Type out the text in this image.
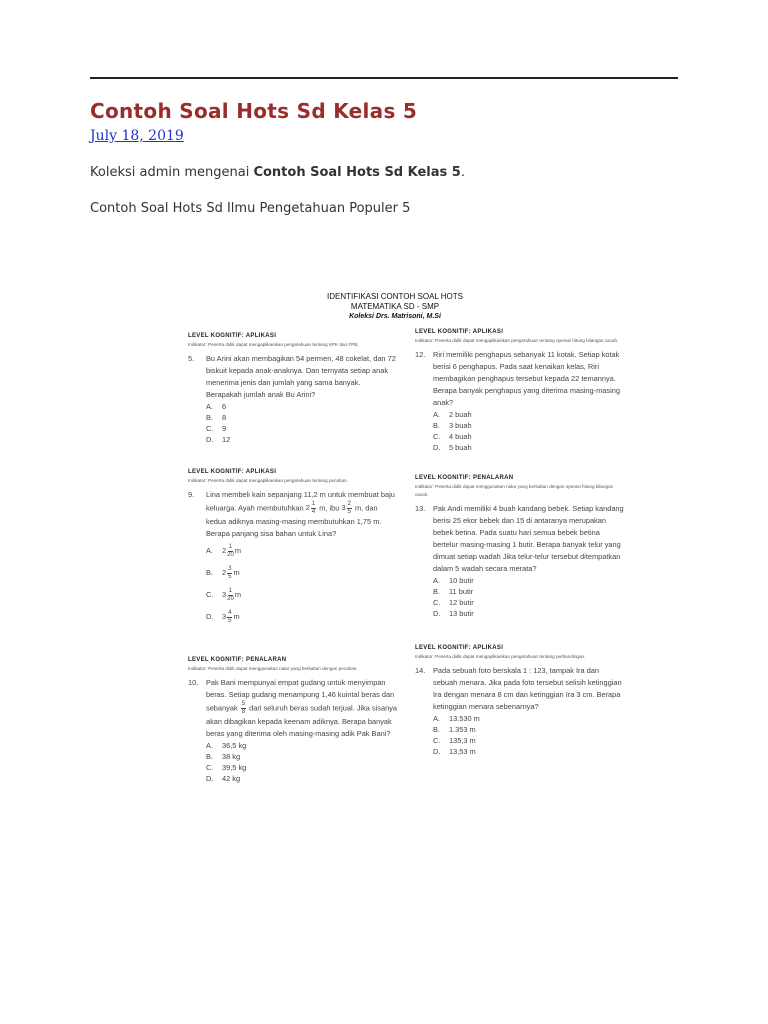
Contoh Soal Hots Sd Kelas 5
July 18, 2019
Koleksi admin mengenai Contoh Soal Hots Sd Kelas 5.
Contoh Soal Hots Sd Ilmu Pengetahuan Populer 5
IDENTIFIKASI CONTOH SOAL HOTS
MATEMATIKA SD - SMP
Koleksi Drs. Matrisoni, M.Si
LEVEL KOGNITIF: APLIKASI
Indikator: Peserta didik dapat mengaplikasikan pengetahuan tentang KPK dan FPB.
5.	Bu Arini akan membagikan 54 permen, 48 cokelat, dan 72 biskuit kepada anak-anaknya. Dan ternyata setiap anak menerima jenis dan jumlah yang sama banyak. Berapakah jumlah anak Bu Arini?
A.	6
B.	8
C.	9
D.	12
LEVEL KOGNITIF: APLIKASI
Indikator: Peserta didik dapat mengaplikasikan pengetahuan tentang pecahan.
9.	Lina membeli kain sepanjang 11,2 m untuk membuat baju keluarga. Ayah membutuhkan $2 \frac{1}{4} m$, ibu $3 \frac{2}{5} m$, dan kedua adiknya masing-masing membutuhkan 1,75 m. Berapa panjang sisa bahan untuk Lina?
A.	$2 \frac{1}{20}$ m
B.	$2 \frac{3}{5}$ m
C.	$3 \frac{1}{20}$ m
D.	$3 \frac{4}{5}$ m
LEVEL KOGNITIF: PENALARAN
Indikator: Peserta didik dapat menggunakan nalar yang berkaitan dengan pecahan.
10.	Pak Bani mempunyai empat gudang untuk menyimpan beras. Setiap gudang menampung 1,46 kuintal beras dan sebanyak $\frac{5}{8}$ dari seluruh beras sudah terjual. Jika sisanya akan dibagikan kepada keenam adiknya. Berapa banyak beras yang diterima oleh masing-masing adik Pak Bani?
A.	36,5 kg
B.	38 kg
C.	39,5 kg
D.	42 kg
LEVEL KOGNITIF: APLIKASI
Indikator: Peserta didik dapat mengaplikasikan pengetahuan tentang operasi hitung bilangan cacah.
12.	Riri memiliki penghapus sebanyak 11 kotak. Setiap kotak berisi 6 penghapus. Pada saat kenaikan kelas, Riri membagikan penghapus tersebut kepada 22 temannya. Berapa banyak penghapus yang diterima masing-masing anak?
A.	2 buah
B.	3 buah
C.	4 buah
D.	5 buah
LEVEL KOGNITIF: PENALARAN
Indikator: Peserta didik dapat menggunakan nalar yang berkaitan dengan operasi hitung bilangan cacah.
13.	Pak Andi memiliki 4 buah kandang bebek. Setiap kandang berisi 25 ekor bebek dan 15 di antaranya merupakan bebek betina. Pada suatu hari semua bebek betina bertelur masing-masing 1 butir. Berapa banyak telur yang dimuat setiap wadah Jika telur-telur tersebut ditempatkan dalam 5 wadah secara merata?
A.	10 butir
B.	11 butir
C.	12 butir
D.	13 butir
LEVEL KOGNITIF: APLIKASI
Indikator: Peserta didik dapat mengaplikasikan pengetahuan tentang perbandingan.
14.	Pada sebuah foto berskala 1 : 123, tampak Ira dan sebuah menara. Jika pada foto tersebut selisih ketinggian Ira dengan menara 8 cm dan ketinggian Ira 3 cm. Berapa ketinggian menara sebenarnya?
A.	13.530 m
B.	1.353 m
C.	135,3 m
D.	13,53 m
